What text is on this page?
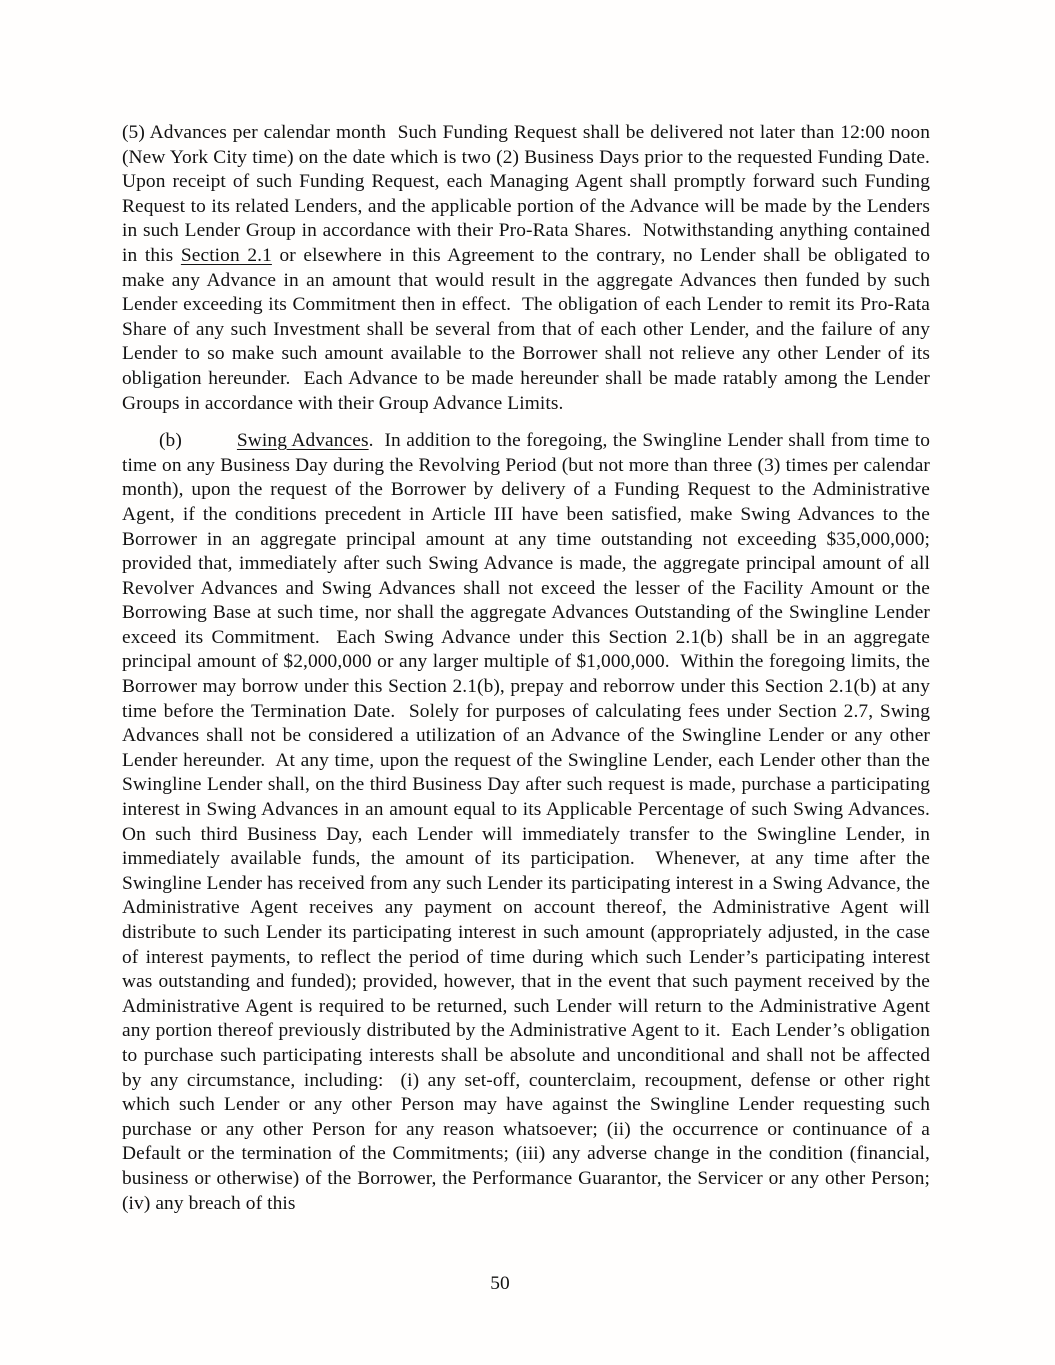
(5) Advances per calendar month  Such Funding Request shall be delivered not later than 12:00 noon (New York City time) on the date which is two (2) Business Days prior to the requested Funding Date.  Upon receipt of such Funding Request, each Managing Agent shall promptly forward such Funding Request to its related Lenders, and the applicable portion of the Advance will be made by the Lenders in such Lender Group in accordance with their Pro-Rata Shares.  Notwithstanding anything contained in this Section 2.1 or elsewhere in this Agreement to the contrary, no Lender shall be obligated to make any Advance in an amount that would result in the aggregate Advances then funded by such Lender exceeding its Commitment then in effect.  The obligation of each Lender to remit its Pro-Rata Share of any such Investment shall be several from that of each other Lender, and the failure of any Lender to so make such amount available to the Borrower shall not relieve any other Lender of its obligation hereunder.  Each Advance to be made hereunder shall be made ratably among the Lender Groups in accordance with their Group Advance Limits.

(b)	Swing Advances.  In addition to the foregoing, the Swingline Lender shall from time to time on any Business Day during the Revolving Period (but not more than three (3) times per calendar month), upon the request of the Borrower by delivery of a Funding Request to the Administrative Agent, if the conditions precedent in Article III have been satisfied, make Swing Advances to the Borrower in an aggregate principal amount at any time outstanding not exceeding $35,000,000; provided that, immediately after such Swing Advance is made, the aggregate principal amount of all Revolver Advances and Swing Advances shall not exceed the lesser of the Facility Amount or the Borrowing Base at such time, nor shall the aggregate Advances Outstanding of the Swingline Lender exceed its Commitment.  Each Swing Advance under this Section 2.1(b) shall be in an aggregate principal amount of $2,000,000 or any larger multiple of $1,000,000.  Within the foregoing limits, the Borrower may borrow under this Section 2.1(b), prepay and reborrow under this Section 2.1(b) at any time before the Termination Date.  Solely for purposes of calculating fees under Section 2.7, Swing Advances shall not be considered a utilization of an Advance of the Swingline Lender or any other Lender hereunder.  At any time, upon the request of the Swingline Lender, each Lender other than the Swingline Lender shall, on the third Business Day after such request is made, purchase a participating interest in Swing Advances in an amount equal to its Applicable Percentage of such Swing Advances.  On such third Business Day, each Lender will immediately transfer to the Swingline Lender, in immediately available funds, the amount of its participation.  Whenever, at any time after the Swingline Lender has received from any such Lender its participating interest in a Swing Advance, the Administrative Agent receives any payment on account thereof, the Administrative Agent will distribute to such Lender its participating interest in such amount (appropriately adjusted, in the case of interest payments, to reflect the period of time during which such Lender’s participating interest was outstanding and funded); provided, however, that in the event that such payment received by the Administrative Agent is required to be returned, such Lender will return to the Administrative Agent any portion thereof previously distributed by the Administrative Agent to it.  Each Lender’s obligation to purchase such participating interests shall be absolute and unconditional and shall not be affected by any circumstance, including:  (i) any set-off, counterclaim, recoupment, defense or other right which such Lender or any other Person may have against the Swingline Lender requesting such purchase or any other Person for any reason whatsoever; (ii) the occurrence or continuance of a Default or the termination of the Commitments; (iii) any adverse change in the condition (financial, business or otherwise) of the Borrower, the Performance Guarantor, the Servicer or any other Person; (iv) any breach of this

50
